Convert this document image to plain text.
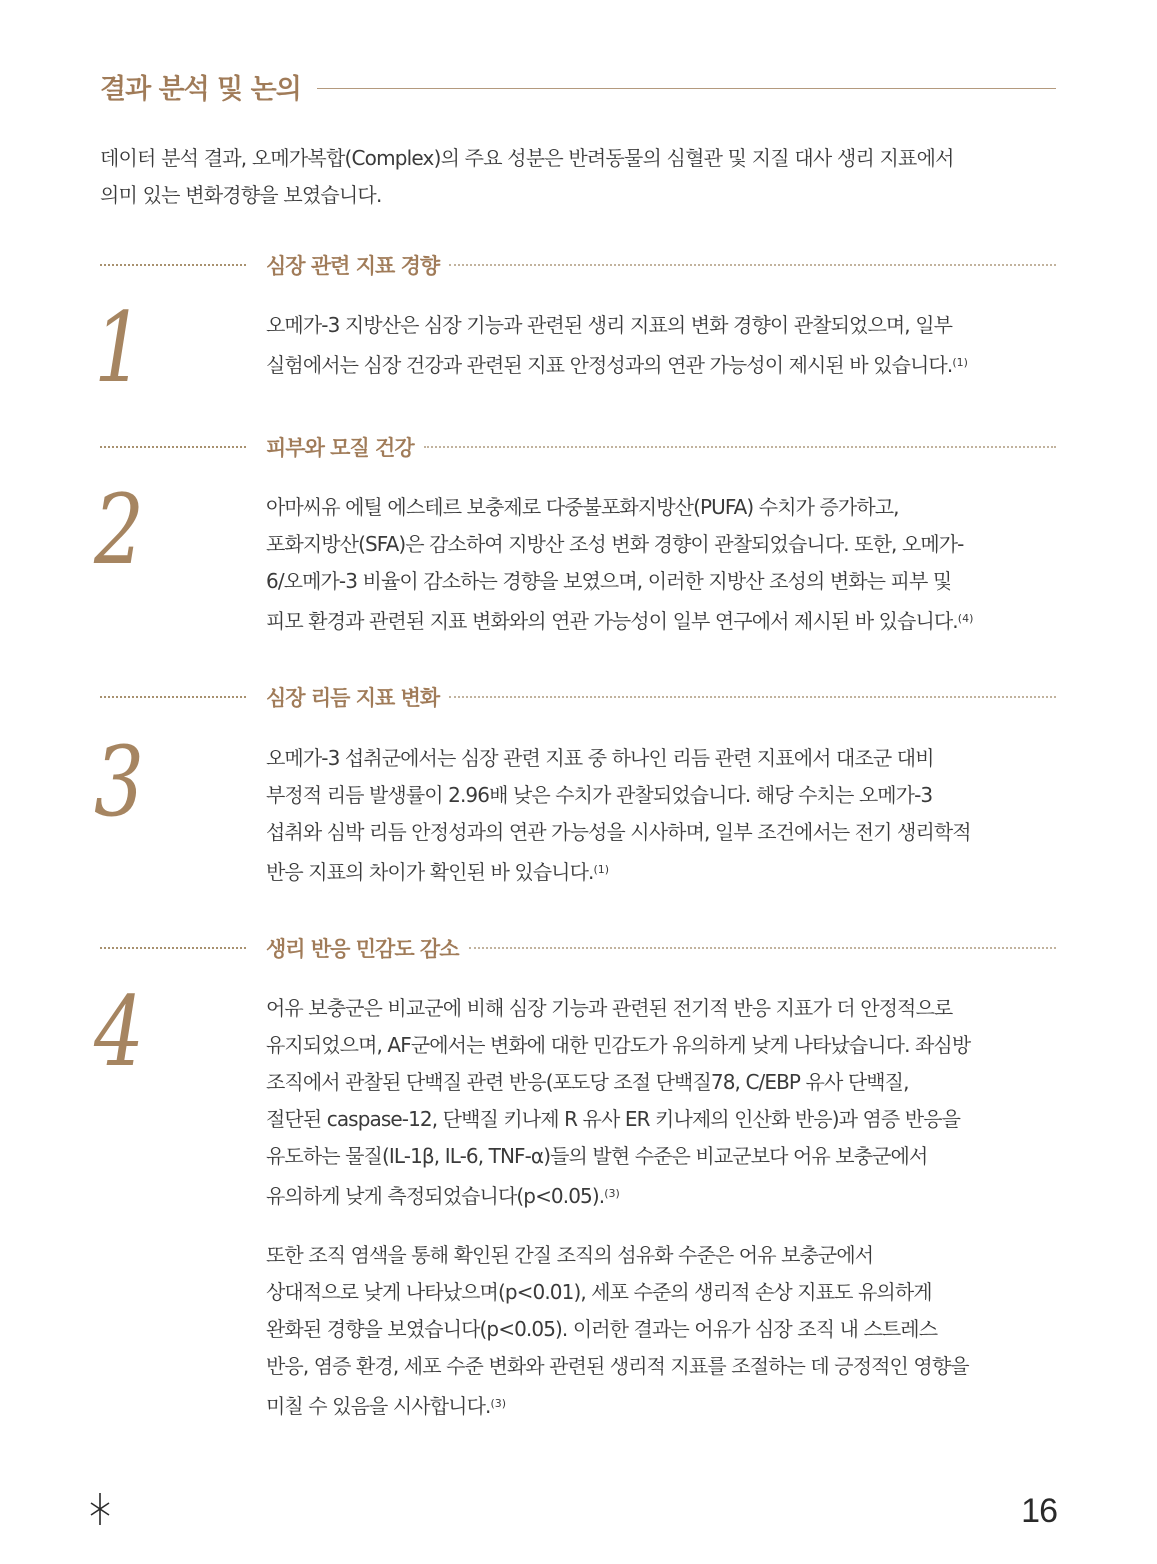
결과 분석 및 논의
데이터 분석 결과, 오메가복합(Complex)의 주요 성분은 반려동물의 심혈관 및 지질 대사 생리 지표에서
의미 있는 변화경향을 보였습니다.
심장 관련 지표 경향
1	오메가-3 지방산은 심장 기능과 관련된 생리 지표의 변화 경향이 관찰되었으며, 일부
실험에서는 심장 건강과 관련된 지표 안정성과의 연관 가능성이 제시된 바 있습니다.$^{(1)}$

피부와 모질 건강
2	아마씨유 에틸 에스테르 보충제로 다중불포화지방산(PUFA) 수치가 증가하고,
포화지방산(SFA)은 감소하여 지방산 조성 변화 경향이 관찰되었습니다. 또한, 오메가-
6/오메가-3 비율이 감소하는 경향을 보였으며, 이러한 지방산 조성의 변화는 피부 및
피모 환경과 관련된 지표 변화와의 연관 가능성이 일부 연구에서 제시된 바 있습니다.$^{(4)}$

심장 리듬 지표 변화
3	오메가-3 섭취군에서는 심장 관련 지표 중 하나인 리듬 관련 지표에서 대조군 대비
부정적 리듬 발생률이 2.96배 낮은 수치가 관찰되었습니다. 해당 수치는 오메가-3
섭취와 심박 리듬 안정성과의 연관 가능성을 시사하며, 일부 조건에서는 전기 생리학적
반응 지표의 차이가 확인된 바 있습니다.$^{(1)}$

생리 반응 민감도 감소
4	어유 보충군은 비교군에 비해 심장 기능과 관련된 전기적 반응 지표가 더 안정적으로
유지되었으며, AF군에서는 변화에 대한 민감도가 유의하게 낮게 나타났습니다. 좌심방
조직에서 관찰된 단백질 관련 반응(포도당 조절 단백질78, C/EBP 유사 단백질,
절단된 caspase-12, 단백질 키나제 R 유사 ER 키나제의 인산화 반응)과 염증 반응을
유도하는 물질(IL-1β, IL-6, TNF-α)들의 발현 수준은 비교군보다 어유 보충군에서
유의하게 낮게 측정되었습니다(p<0.05).$^{(3)}$

또한 조직 염색을 통해 확인된 간질 조직의 섬유화 수준은 어유 보충군에서
상대적으로 낮게 나타났으며(p<0.01), 세포 수준의 생리적 손상 지표도 유의하게
완화된 경향을 보였습니다(p<0.05). 이러한 결과는 어유가 심장 조직 내 스트레스
반응, 염증 환경, 세포 수준 변화와 관련된 생리적 지표를 조절하는 데 긍정적인 영향을
미칠 수 있음을 시사합니다.$^{(3)}$

16
